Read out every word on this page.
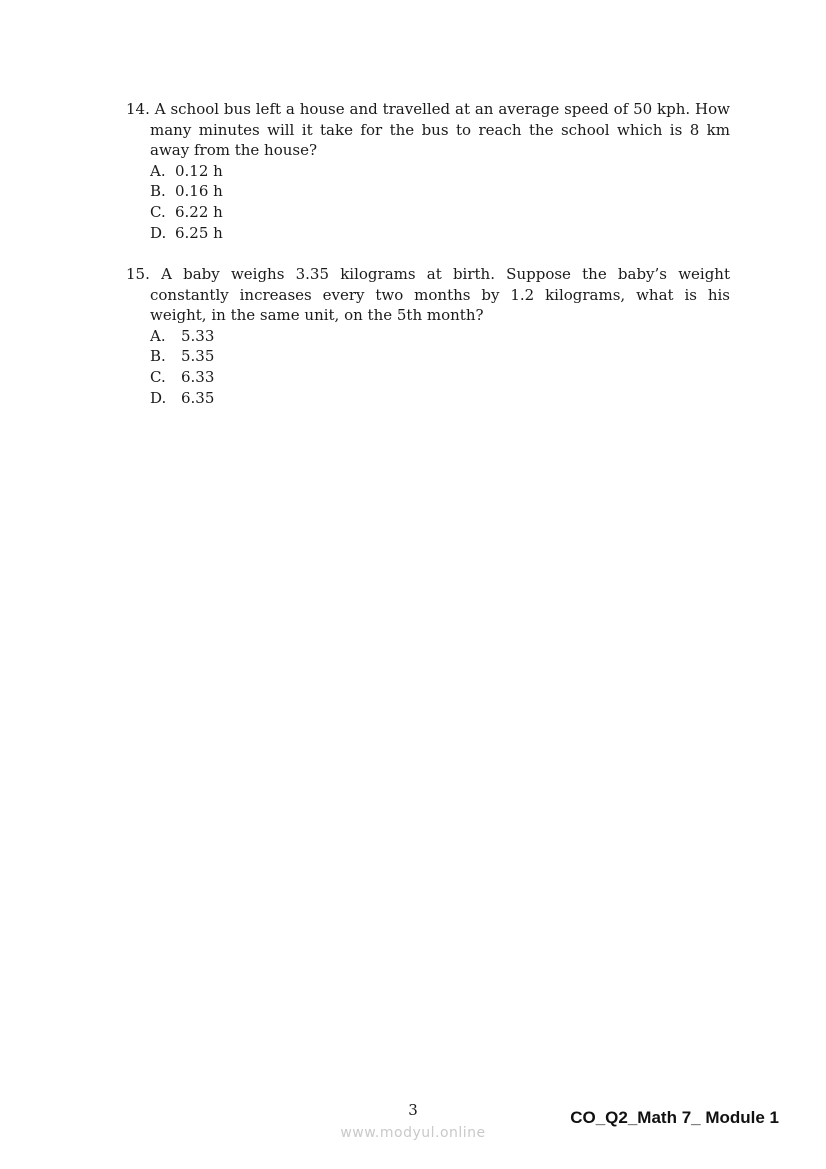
14. A school bus left a house and travelled at an average speed of 50 kph. How many minutes will it take for the bus to reach the school which is 8 km away from the house?
A. 0.12 h
B. 0.16 h
C. 6.22 h
D. 6.25 h
15. A baby weighs 3.35 kilograms at birth. Suppose the baby’s weight constantly increases every two months by 1.2 kilograms, what is his weight, in the same unit, on the 5th month?
A.	5.33
B.	5.35
C.	6.33
D. 6.35
3	CO_Q2_Math 7_ Module 1
www.modyul.online
